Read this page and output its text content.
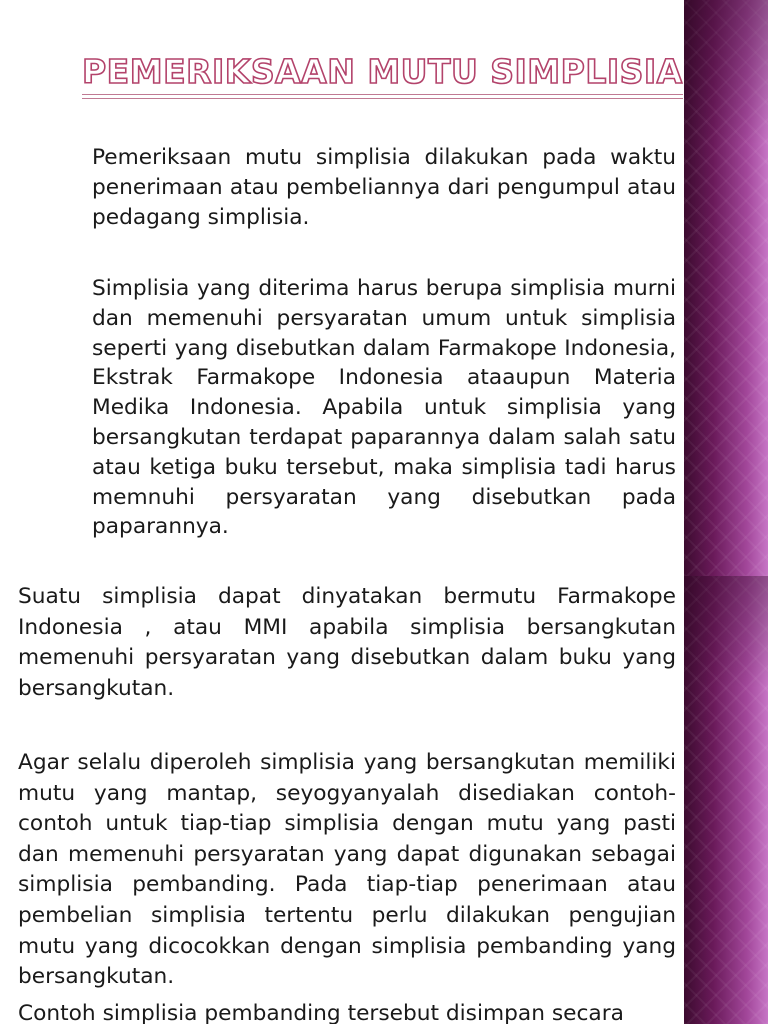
PEMERIKSAAN MUTU SIMPLISIA

Pemeriksaan mutu simplisia dilakukan pada waktu penerimaan atau pembeliannya dari pengumpul atau pedagang simplisia.

Simplisia yang diterima harus berupa simplisia murni dan memenuhi persyaratan umum untuk simplisia seperti yang disebutkan dalam Farmakope Indonesia, Ekstrak Farmakope Indonesia ataaupun Materia Medika Indonesia. Apabila untuk simplisia yang bersangkutan terdapat paparannya dalam salah satu atau ketiga buku tersebut, maka simplisia tadi harus memnuhi persyaratan yang disebutkan pada paparannya.

Suatu simplisia dapat dinyatakan bermutu Farmakope Indonesia , atau MMI apabila simplisia bersangkutan memenuhi persyaratan yang disebutkan dalam buku yang bersangkutan.

Agar selalu diperoleh simplisia yang bersangkutan memiliki mutu yang mantap, seyogyanyalah disediakan contoh-contoh untuk tiap-tiap simplisia dengan mutu yang pasti dan memenuhi persyaratan yang dapat digunakan sebagai simplisia pembanding. Pada tiap-tiap penerimaan atau pembelian simplisia tertentu perlu dilakukan pengujian mutu yang dicocokkan dengan simplisia pembanding yang bersangkutan.

Contoh simplisia pembanding tersebut disimpan secara
